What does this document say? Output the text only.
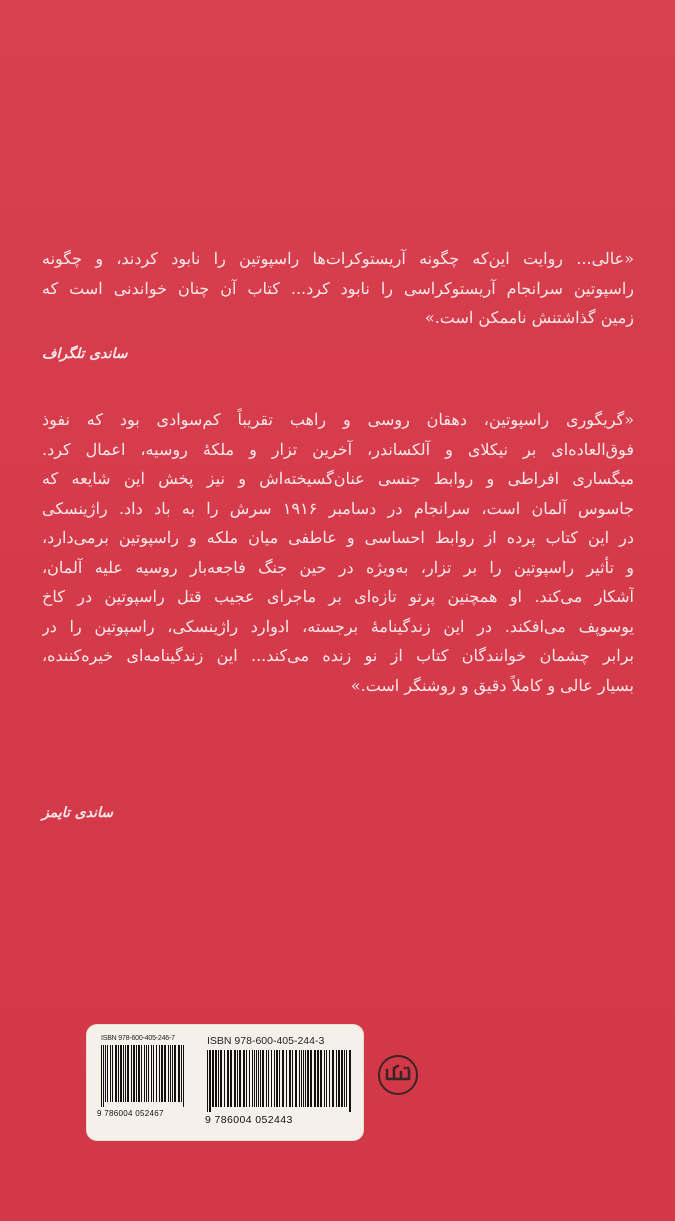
«عالی... روایت این‌که چگونه آریستوکرات‌ها راسپوتین را نابود کردند، و چگونه
راسپوتین سرانجام آریستوکراسی را نابود کرد... کتاب آن چنان خواندنی است که
زمین گذاشتنش ناممکن است.»
ساندی تلگراف
«گریگوری راسپوتین، دهقان روسی و راهب تقریباً کم‌سوادی بود که نفوذ
فوق‌العاده‌ای بر نیکلای و آلکساندر، آخرین تزار و ملکهٔ روسیه، اعمال کرد.
میگساری افراطی و روابط جنسی عنان‌گسیخته‌اش و نیز پخش این شایعه که
جاسوس آلمان است، سرانجام در دسامبر ۱۹۱۶ سرش را به باد داد. راژینسکی
در این کتاب پرده از روابط احساسی و عاطفی میان ملکه و راسپوتین برمی‌دارد،
و تأثیر راسپوتین را بر تزار، به‌ویژه در حین جنگ فاجعه‌بار روسیه علیه آلمان،
آشکار می‌کند. او همچنین پرتو تازه‌ای بر ماجرای عجیب قتل راسپوتین در کاخ
یوسوپف می‌افکند. در این زندگینامهٔ برجسته، ادوارد راژینسکی، راسپوتین را در
برابر چشمان خوانندگان کتاب از نو زنده می‌کند... این زندگینامه‌ای خیره‌کننده،
بسیار عالی و کاملاً دقیق و روشنگر است.»
ساندی تایمز
ISBN 978-600-405-246-7
9 786004 052467
ISBN 978-600-405-244-3
9 786004 052443
